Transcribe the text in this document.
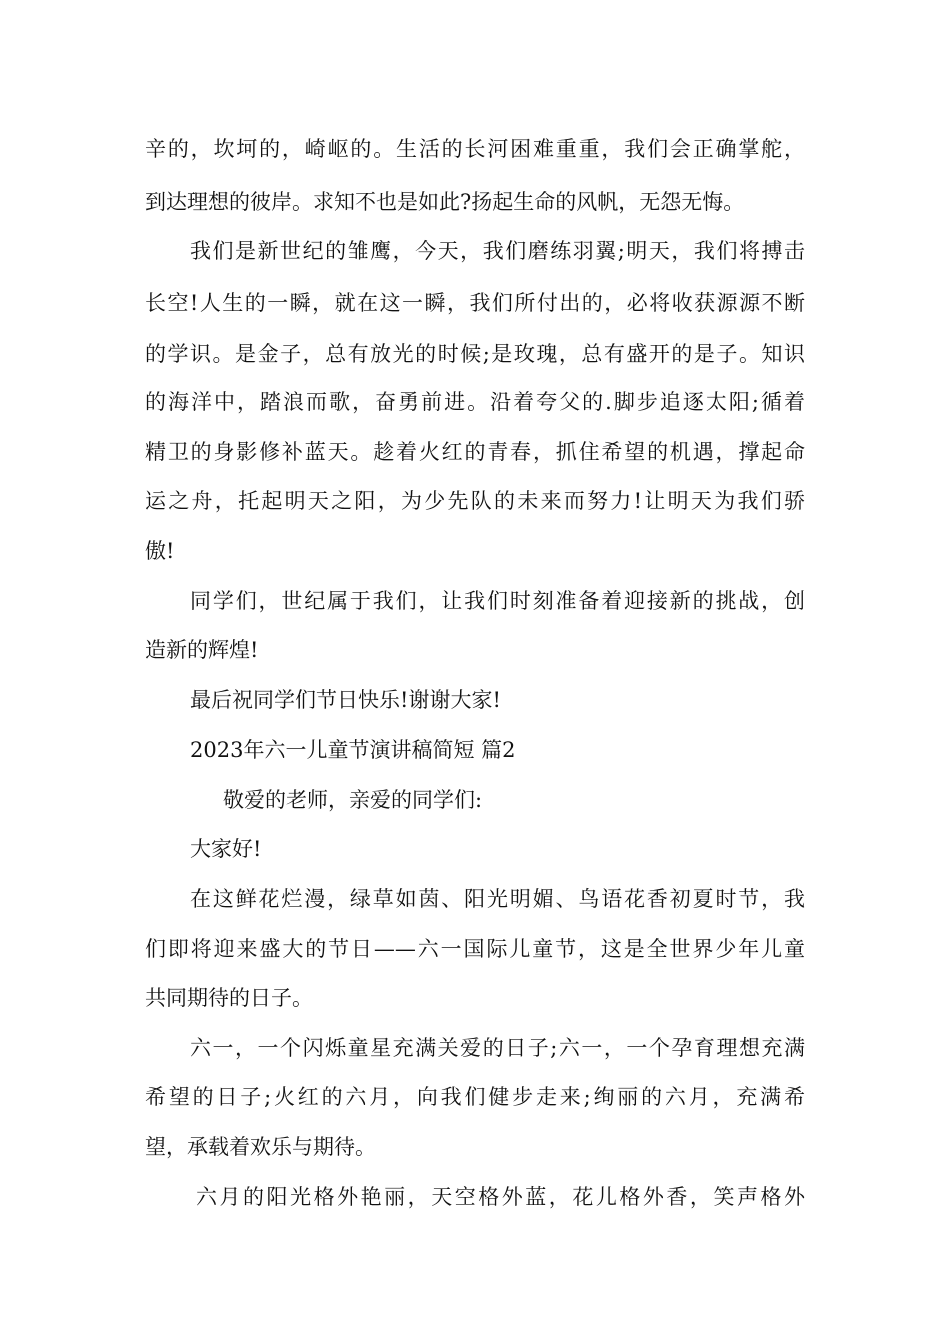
辛的，坎坷的，崎岖的。生活的长河困难重重，我们会正确掌舵，
到达理想的彼岸。求知不也是如此?扬起生命的风帆，无怨无悔。
我们是新世纪的雏鹰，今天，我们磨练羽翼;明天，我们将搏击
长空!人生的一瞬，就在这一瞬，我们所付出的，必将收获源源不断
的学识。是金子，总有放光的时候;是玫瑰，总有盛开的是子。知识
的海洋中，踏浪而歌，奋勇前进。沿着夸父的.脚步追逐太阳;循着
精卫的身影修补蓝天。趁着火红的青春，抓住希望的机遇，撑起命
运之舟，托起明天之阳，为少先队的未来而努力!让明天为我们骄
傲!
同学们，世纪属于我们，让我们时刻准备着迎接新的挑战，创
造新的辉煌!
最后祝同学们节日快乐!谢谢大家!
2023年六一儿童节演讲稿简短 篇2
敬爱的老师，亲爱的同学们:
大家好!
在这鲜花烂漫，绿草如茵、阳光明媚、鸟语花香初夏时节，我
们即将迎来盛大的节日——六一国际儿童节，这是全世界少年儿童
共同期待的日子。
六一，一个闪烁童星充满关爱的日子;六一，一个孕育理想充满
希望的日子;火红的六月，向我们健步走来;绚丽的六月，充满希
望，承载着欢乐与期待。
六月的阳光格外艳丽，天空格外蓝，花儿格外香，笑声格外
